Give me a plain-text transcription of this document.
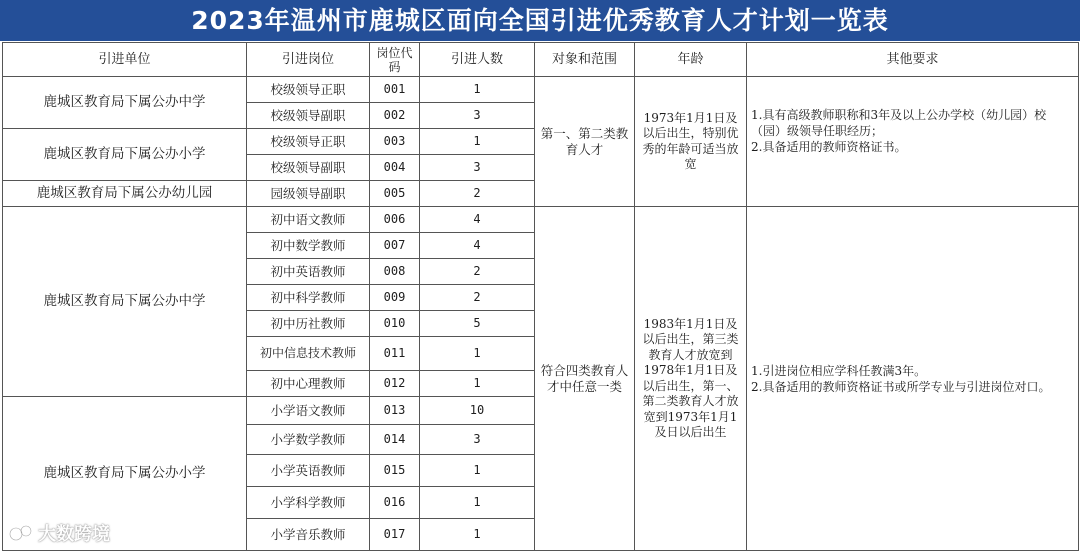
2023年温州市鹿城区面向全国引进优秀教育人才计划一览表
引进单位	引进岗位	岗位代码	引进人数	对象和范围	年龄	其他要求
鹿城区教育局下属公办中学	校级领导正职	001	1	第一、第二类教育人才	1973年1月1日及以后出生，特别优秀的年龄可适当放宽	1.具有高级教师职称和3年及以上公办学校（幼儿园）校（园）级领导任职经历；
2.具备适用的教师资格证书。

	校级领导副职	002	3			
鹿城区教育局下属公办小学	校级领导正职	003	1			
	校级领导副职	004	3			
鹿城区教育局下属公办幼儿园	园级领导副职	005	2			
鹿城区教育局下属公办中学	初中语文教师	006	4	符合四类教育人才中任意一类	1983年1月1日及以后出生，第三类教育人才放宽到1978年1月1日及以后出生，第一、第二类教育人才放宽到1973年1月1及日以后出生	1.引进岗位相应学科任教满3年。
2.具备适用的教师资格证书或所学专业与引进岗位对口。

	初中数学教师	007	4			
	初中英语教师	008	2			
	初中科学教师	009	2			
	初中历社教师	010	5			
	初中信息技术教师	011	1			
	初中心理教师	012	1			
鹿城区教育局下属公办小学	小学语文教师	013	10			
	小学数学教师	014	3			
	小学英语教师	015	1			
	小学科学教师	016	1			
	小学音乐教师	017	1			
大数跨境
